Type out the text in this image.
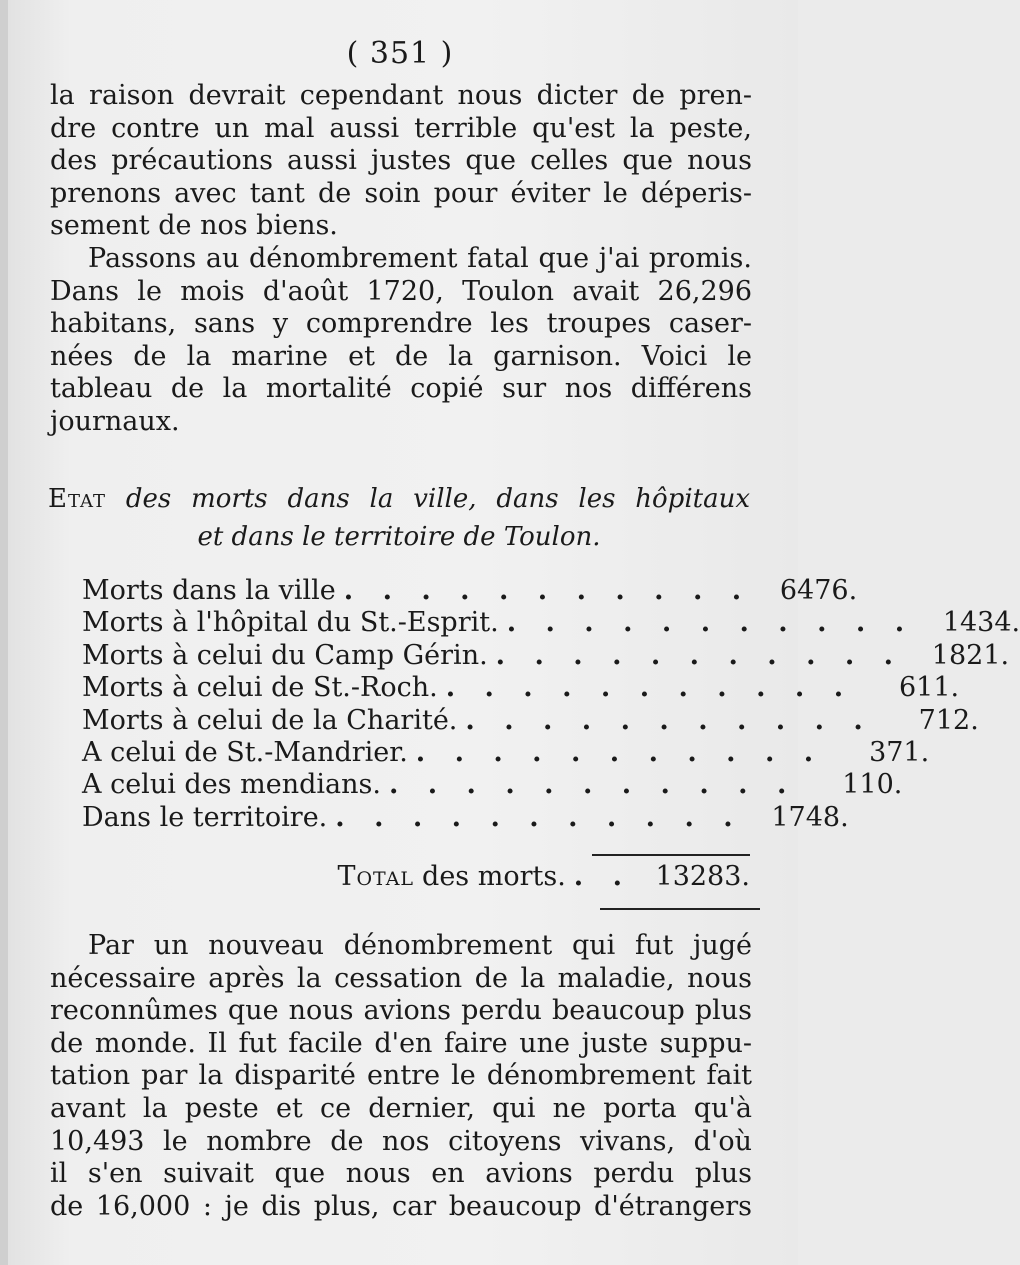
( 351 )
la raison devrait cependant nous dicter de pren-
dre contre un mal aussi terrible qu'est la peste,
des précautions aussi justes que celles que nous
prenons avec tant de soin pour éviter le déperis-
sement de nos biens.
Passons au dénombrement fatal que j'ai promis.
Dans le mois d'août 1720, Toulon avait 26,296
habitans, sans y comprendre les troupes caser-
nées de la marine et de la garnison. Voici le
tableau de la mortalité copié sur nos différens
journaux.
Etat des morts dans la ville, dans les hôpitaux
et dans le territoire de Toulon.
Morts dans la ville . . . . . . . . . . .	6476.
Morts à l'hôpital du St.-Esprit. . . . . . . . . . . .	1434.
Morts à celui du Camp Gérin. . . . . . . . . . . .	1821.
Morts à celui de St.-Roch. . . . . . . . . . . .	611.
Morts à celui de la Charité. . . . . . . . . . . .	712.
A celui de St.-Mandrier. . . . . . . . . . . .	371.
A celui des mendians. . . . . . . . . . . .	110.
Dans le territoire. . . . . . . . . . . .	1748.
Total des morts. . . 13283.
Par un nouveau dénombrement qui fut jugé
nécessaire après la cessation de la maladie, nous
reconnûmes que nous avions perdu beaucoup plus
de monde. Il fut facile d'en faire une juste suppu-
tation par la disparité entre le dénombrement fait
avant la peste et ce dernier, qui ne porta qu'à
10,493 le nombre de nos citoyens vivans, d'où
il s'en suivait que nous en avions perdu plus
de 16,000 : je dis plus, car beaucoup d'étrangers
